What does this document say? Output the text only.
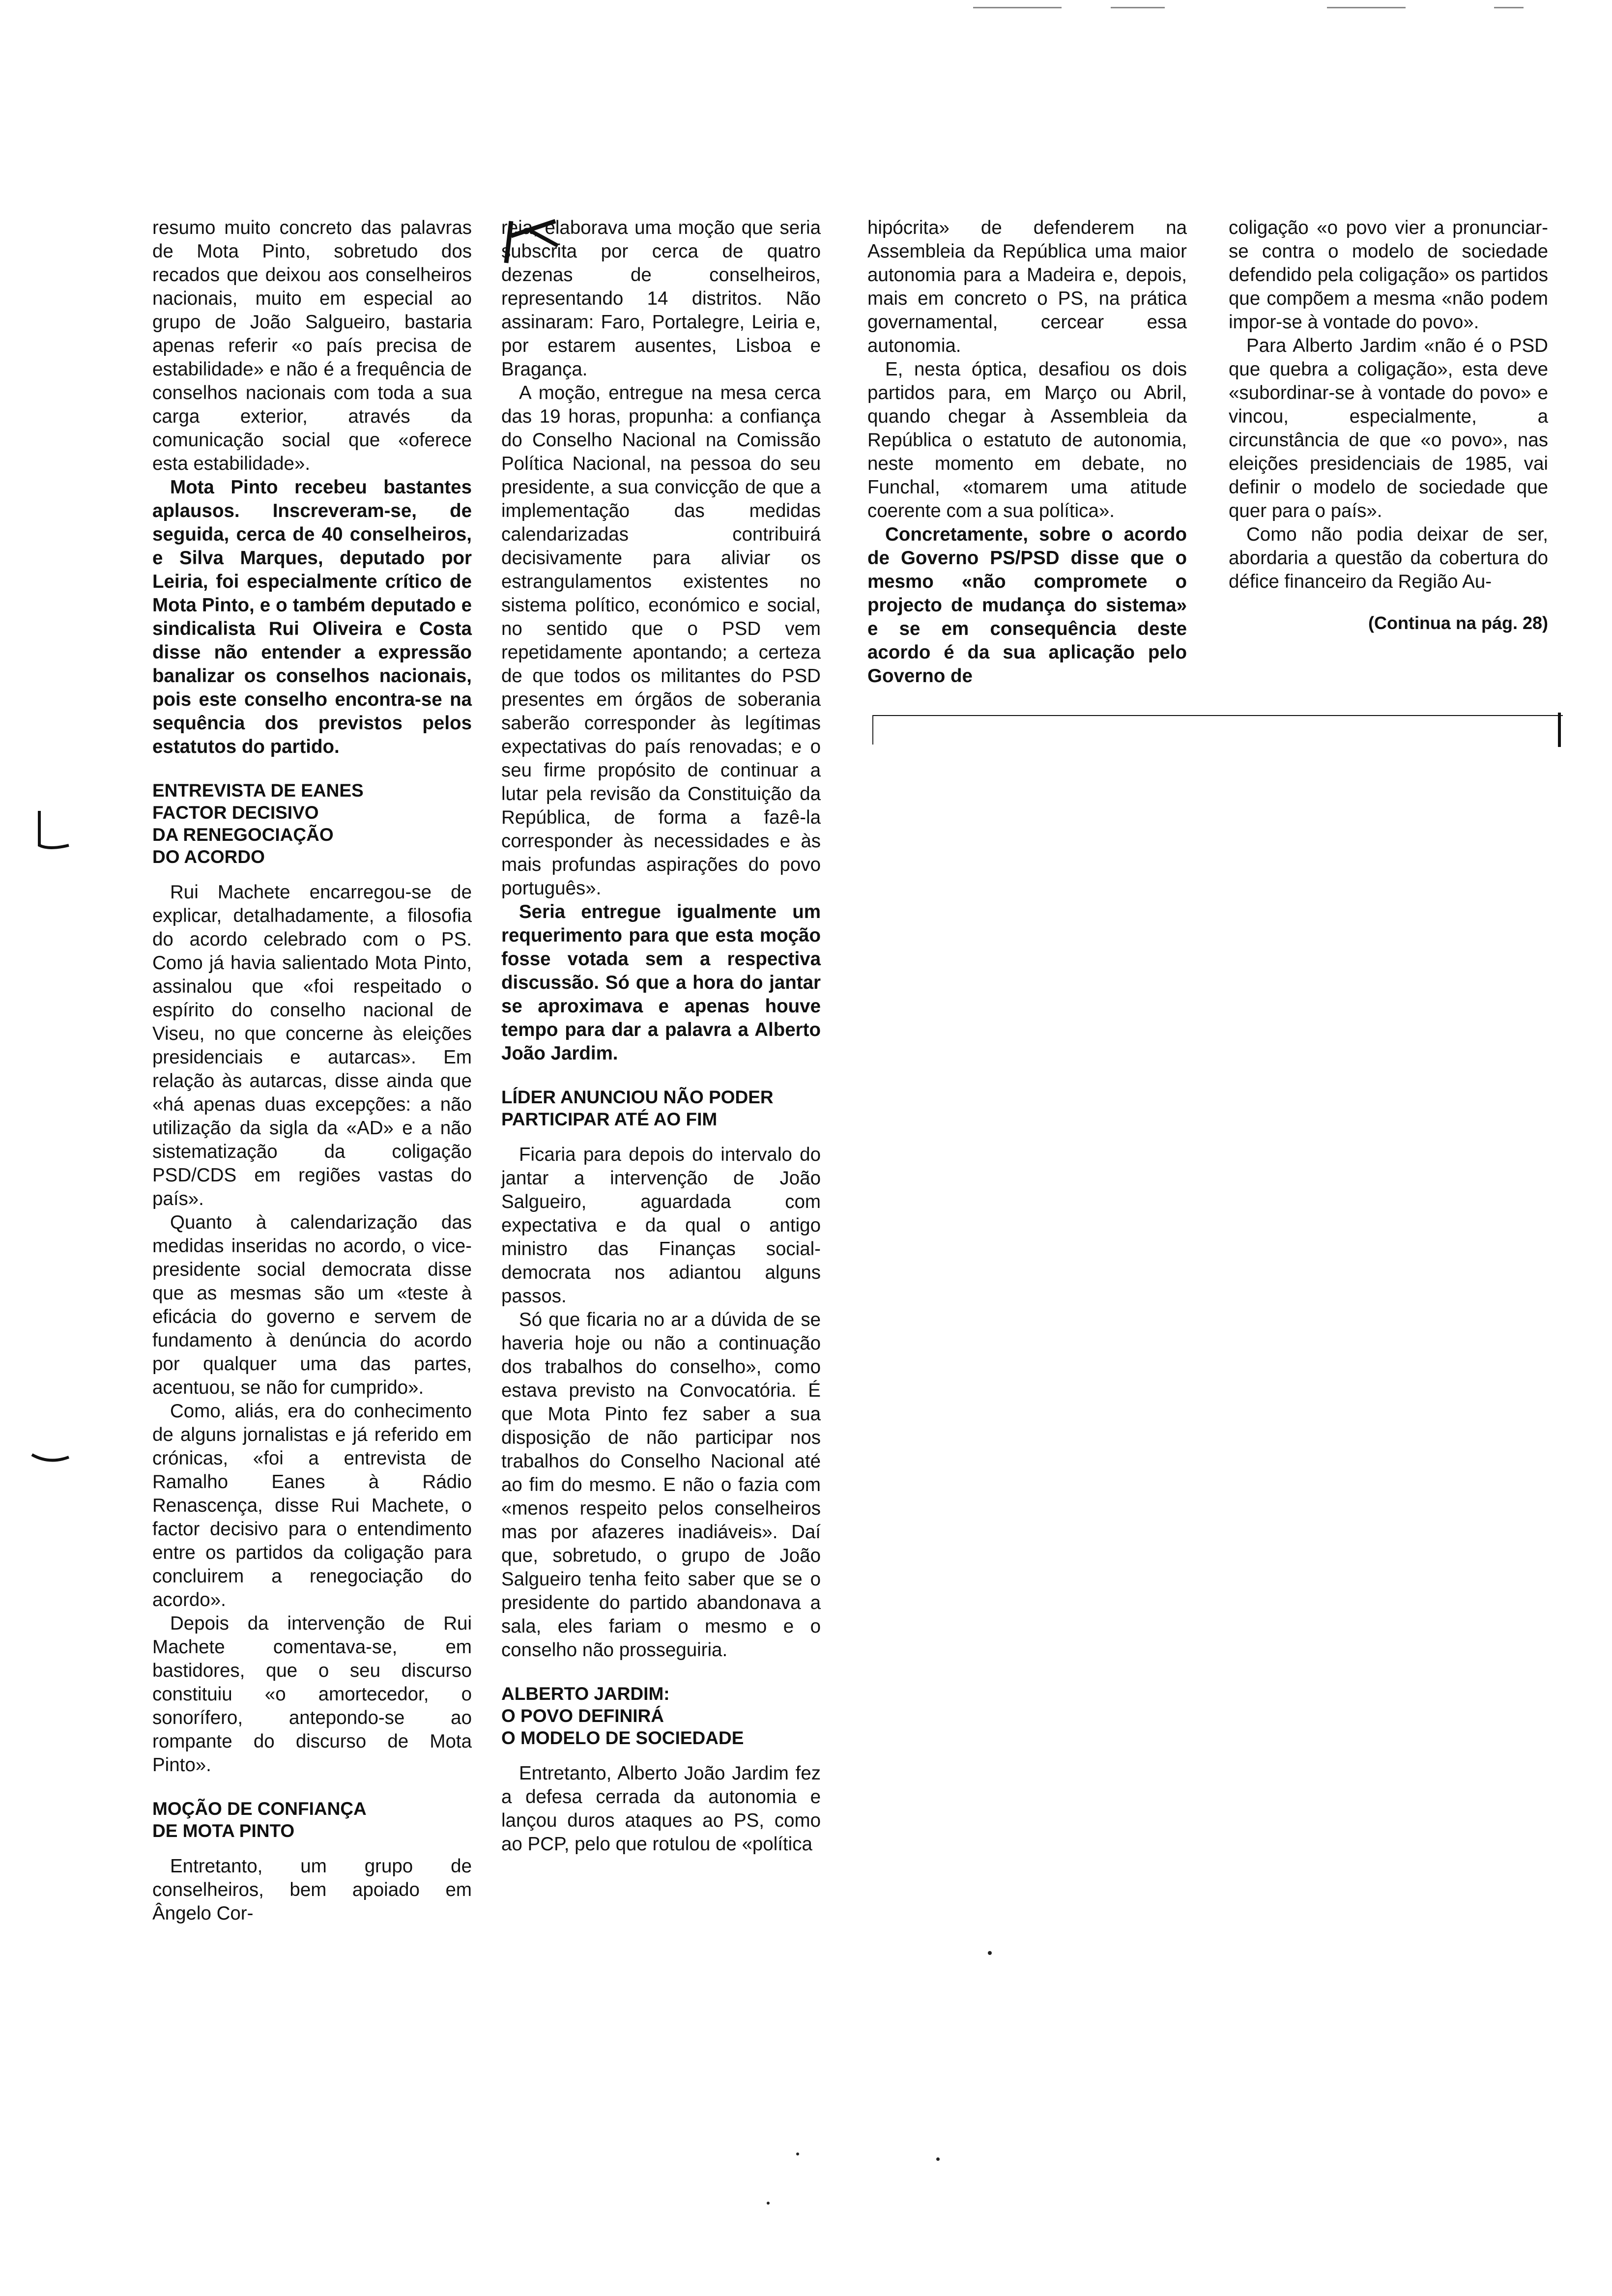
resumo muito concreto das palavras de Mota Pinto, sobretudo dos recados que deixou aos conselheiros nacionais, muito em especial ao grupo de João Salgueiro, bastaria apenas referir «o país precisa de estabilidade» e não é a frequência de conselhos nacionais com toda a sua carga exterior, através da comunicação social que «oferece esta estabilidade».

Mota Pinto recebeu bastantes aplausos. Inscreveram-se, de seguida, cerca de 40 conselheiros, e Silva Marques, deputado por Leiria, foi especialmente crítico de Mota Pinto, e o também deputado e sindicalista Rui Oliveira e Costa disse não entender a expressão banalizar os conselhos nacionais, pois este conselho encontra-se na sequência dos previstos pelos estatutos do partido.

ENTREVISTA DE EANES
FACTOR DECISIVO
DA RENEGOCIAÇÃO
DO ACORDO

Rui Machete encarregou-se de explicar, detalhadamente, a filosofia do acordo celebrado com o PS. Como já havia salientado Mota Pinto, assinalou que «foi respeitado o espírito do conselho nacional de Viseu, no que concerne às eleições presidenciais e autarcas». Em relação às autarcas, disse ainda que «há apenas duas excepções: a não utilização da sigla da «AD» e a não sistematização da coligação PSD/CDS em regiões vastas do país».

Quanto à calendarização das medidas inseridas no acordo, o vice-presidente social democrata disse que as mesmas são um «teste à eficácia do governo e servem de fundamento à denúncia do acordo por qualquer uma das partes, acentuou, se não for cumprido».

Como, aliás, era do conhecimento de alguns jornalistas e já referido em crónicas, «foi a entrevista de Ramalho Eanes à Rádio Renascença, disse Rui Machete, o factor decisivo para o entendimento entre os partidos da coligação para concluirem a renegociação do acordo».

Depois da intervenção de Rui Machete comentava-se, em bastidores, que o seu discurso constituiu «o amortecedor, o sonorífero, antepondo-se ao rompante do discurso de Mota Pinto».

MOÇÃO DE CONFIANÇA
DE MOTA PINTO

Entretanto, um grupo de conselheiros, bem apoiado em Ângelo Cor-

reia, elaborava uma moção que seria subscrita por cerca de quatro dezenas de conselheiros, representando 14 distritos. Não assinaram: Faro, Portalegre, Leiria e, por estarem ausentes, Lisboa e Bragança.

A moção, entregue na mesa cerca das 19 horas, propunha: a confiança do Conselho Nacional na Comissão Política Nacional, na pessoa do seu presidente, a sua convicção de que a implementação das medidas calendarizadas contribuirá decisivamente para aliviar os estrangulamentos existentes no sistema político, económico e social, no sentido que o PSD vem repetidamente apontando; a certeza de que todos os militantes do PSD presentes em órgãos de soberania saberão corresponder às legítimas expectativas do país renovadas; e o seu firme propósito de continuar a lutar pela revisão da Constituição da República, de forma a fazê-la corresponder às necessidades e às mais profundas aspirações do povo português».

Seria entregue igualmente um requerimento para que esta moção fosse votada sem a respectiva discussão. Só que a hora do jantar se aproximava e apenas houve tempo para dar a palavra a Alberto João Jardim.

LÍDER ANUNCIOU NÃO PODER
PARTICIPAR ATÉ AO FIM

Ficaria para depois do intervalo do jantar a intervenção de João Salgueiro, aguardada com expectativa e da qual o antigo ministro das Finanças social-democrata nos adiantou alguns passos.

Só que ficaria no ar a dúvida de se haveria hoje ou não a continuação dos trabalhos do conselho», como estava previsto na Convocatória. É que Mota Pinto fez saber a sua disposição de não participar nos trabalhos do Conselho Nacional até ao fim do mesmo. E não o fazia com «menos respeito pelos conselheiros mas por afazeres inadiáveis». Daí que, sobretudo, o grupo de João Salgueiro tenha feito saber que se o presidente do partido abandonava a sala, eles fariam o mesmo e o conselho não prosseguiria.

ALBERTO JARDIM:
O POVO DEFINIRÁ
O MODELO DE SOCIEDADE

Entretanto, Alberto João Jardim fez a defesa cerrada da autonomia e lançou duros ataques ao PS, como ao PCP, pelo que rotulou de «política

hipócrita» de defenderem na Assembleia da República uma maior autonomia para a Madeira e, depois, mais em concreto o PS, na prática governamental, cercear essa autonomia.

E, nesta óptica, desafiou os dois partidos para, em Março ou Abril, quando chegar à Assembleia da República o estatuto de autonomia, neste momento em debate, no Funchal, «tomarem uma atitude coerente com a sua política».

Concretamente, sobre o acordo de Governo PS/PSD disse que o mesmo «não compromete o projecto de mudança do sistema» e se em consequência deste acordo é da sua aplicação pelo Governo de

coligação «o povo vier a pronunciar-se contra o modelo de sociedade defendido pela coligação» os partidos que compõem a mesma «não podem impor-se à vontade do povo».

Para Alberto Jardim «não é o PSD que quebra a coligação», esta deve «subordinar-se à vontade do povo» e vincou, especialmente, a circunstância de que «o povo», nas eleições presidenciais de 1985, vai definir o modelo de sociedade que quer para o país».

Como não podia deixar de ser, abordaria a questão da cobertura do défice financeiro da Região Au-

(Continua na pág. 28)
